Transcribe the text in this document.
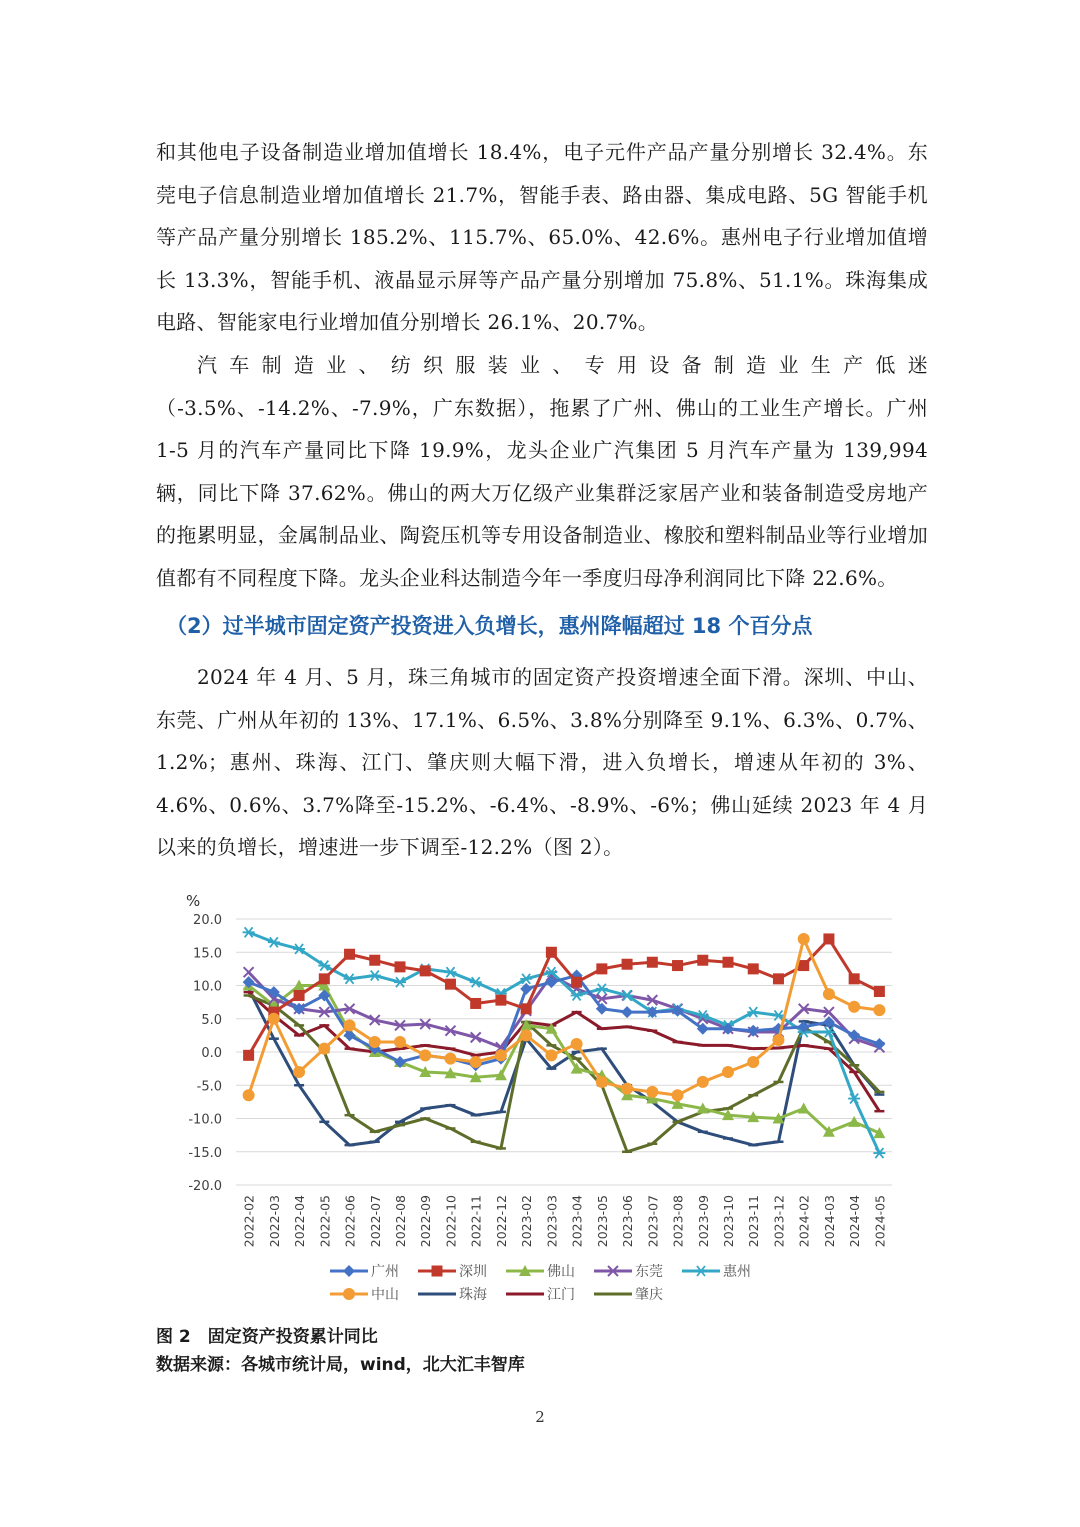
和其他电子设备制造业增加值增长 18.4%，电子元件产品产量分别增长 32.4%。东莞电子信息制造业增加值增长 21.7%，智能手表、路由器、集成电路、5G 智能手机等产品产量分别增长 185.2%、115.7%、65.0%、42.6%。惠州电子行业增加值增长 13.3%，智能手机、液晶显示屏等产品产量分别增加 75.8%、51.1%。珠海集成电路、智能家电行业增加值分别增长 26.1%、20.7%。

汽车制造业、纺织服装业、专用设备制造业生产低迷（-3.5%、-14.2%、-7.9%，广东数据），拖累了广州、佛山的工业生产增长。广州 1-5 月的汽车产量同比下降 19.9%，龙头企业广汽集团 5 月汽车产量为 139,994 辆，同比下降 37.62%。佛山的两大万亿级产业集群泛家居产业和装备制造受房地产的拖累明显，金属制品业、陶瓷压机等专用设备制造业、橡胶和塑料制品业等行业增加值都有不同程度下降。龙头企业科达制造今年一季度归母净利润同比下降 22.6%。

（2）过半城市固定资产投资进入负增长，惠州降幅超过 18 个百分点

2024 年 4 月、5 月，珠三角城市的固定资产投资增速全面下滑。深圳、中山、东莞、广州从年初的 13%、17.1%、6.5%、3.8%分别降至 9.1%、6.3%、0.7%、1.2%；惠州、珠海、江门、肇庆则大幅下滑，进入负增长，增速从年初的 3%、4.6%、0.6%、3.7%降至-15.2%、-6.4%、-8.9%、-6%；佛山延续 2023 年 4 月以来的负增长，增速进一步下调至-12.2%（图 2）。

20.0
15.0
10.0
5.0
0.0
-5.0
-10.0
-15.0
-20.0
%
2022-02 2022-03 2022-04 2022-05 2022-06 2022-07 2022-08 2022-09 2022-10 2022-11 2022-12 2023-02 2023-03 2023-04 2023-05 2023-06 2023-07 2023-08 2023-09 2023-10 2023-11 2023-12 2024-02 2024-03 2024-04 2024-05
广州	深圳	佛山	东莞	惠州
中山	珠海	江门	肇庆

图 2　固定资产投资累计同比

数据来源：各城市统计局，wind，北大汇丰智库

2
